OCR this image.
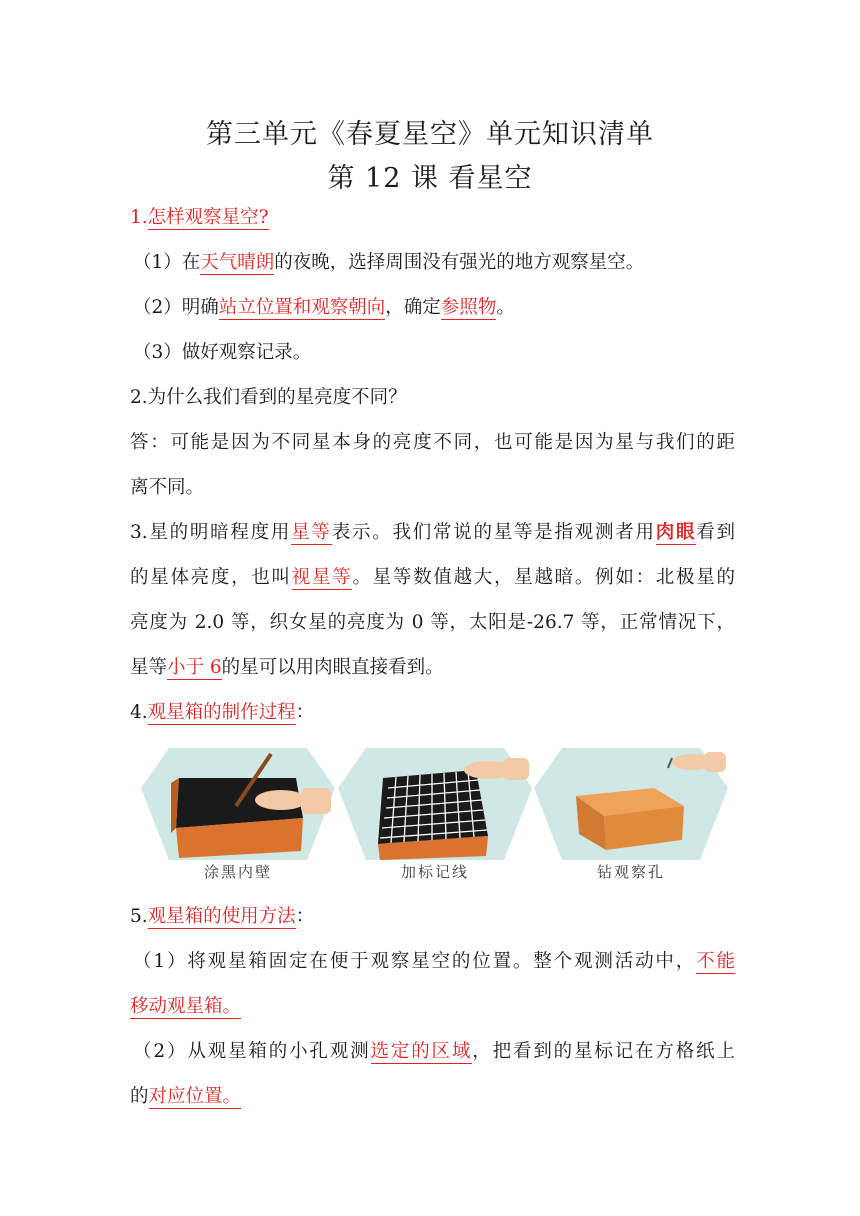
第三单元《春夏星空》单元知识清单
第 12 课 看星空
1.怎样观察星空?
（1）在天气晴朗的夜晚，选择周围没有强光的地方观察星空。
（2）明确站立位置和观察朝向，确定参照物。
（3）做好观察记录。
2.为什么我们看到的星亮度不同？
答：可能是因为不同星本身的亮度不同，也可能是因为星与我们的距
离不同。
3.星的明暗程度用星等表示。我们常说的星等是指观测者用肉眼看到
的星体亮度，也叫视星等。星等数值越大，星越暗。例如：北极星的
亮度为 2.0 等，织女星的亮度为 0 等，太阳是-26.7 等，正常情况下，
星等小于 6的星可以用肉眼直接看到。
4.观星箱的制作过程：
涂黑内壁	加标记线	钻观察孔
5.观星箱的使用方法：
（1）将观星箱固定在便于观察星空的位置。整个观测活动中，不能
移动观星箱。
（2）从观星箱的小孔观测选定的区域，把看到的星标记在方格纸上
的对应位置。
